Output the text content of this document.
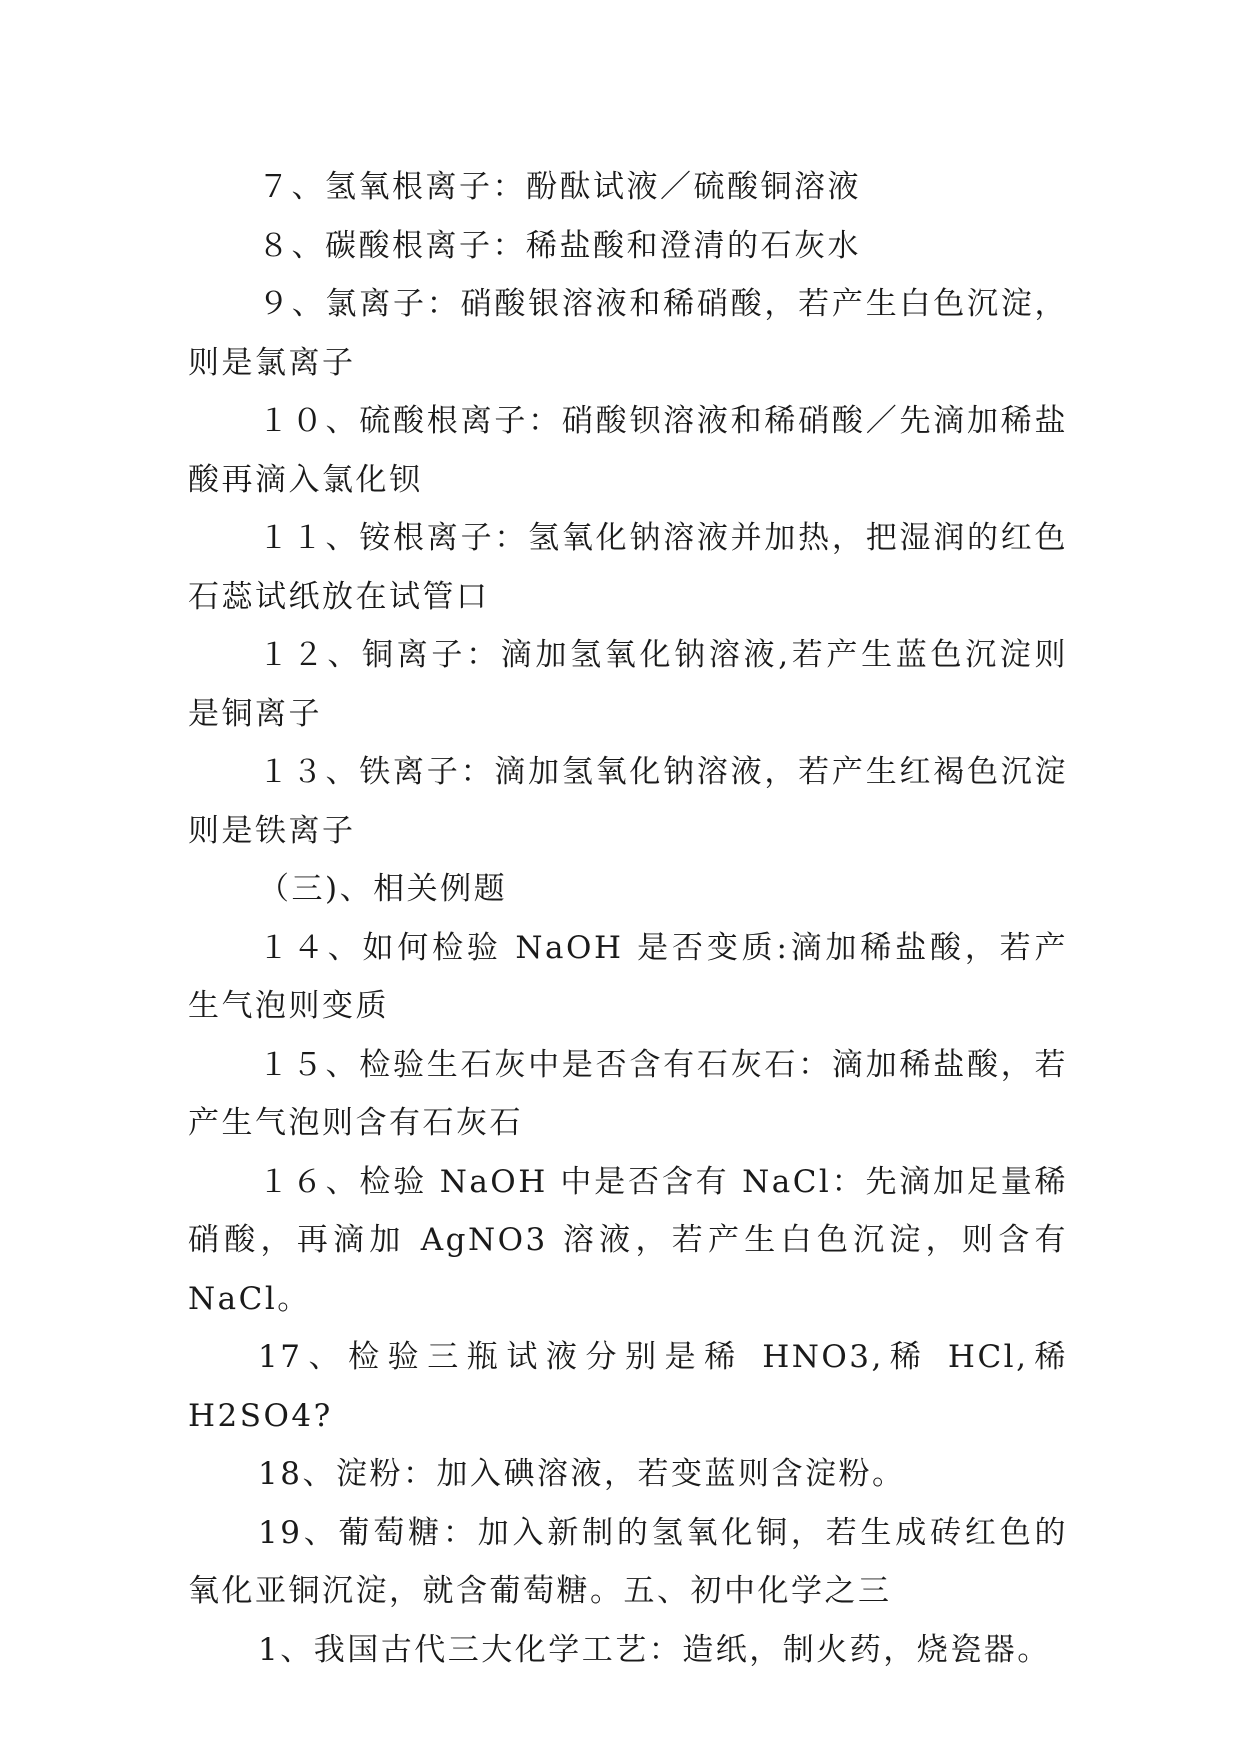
７、氢氧根离子：酚酞试液／硫酸铜溶液

８、碳酸根离子：稀盐酸和澄清的石灰水

９、氯离子：硝酸银溶液和稀硝酸，若产生白色沉淀，则是氯离子

１０、硫酸根离子：硝酸钡溶液和稀硝酸／先滴加稀盐酸再滴入氯化钡

１１、铵根离子：氢氧化钠溶液并加热，把湿润的红色石蕊试纸放在试管口

１２、铜离子：滴加氢氧化钠溶液,若产生蓝色沉淀则是铜离子

１３、铁离子：滴加氢氧化钠溶液，若产生红褐色沉淀则是铁离子

（三)、相关例题

１４、如何检验 NaOH 是否变质:滴加稀盐酸，若产生气泡则变质

１５、检验生石灰中是否含有石灰石：滴加稀盐酸，若产生气泡则含有石灰石

１６、检验 NaOH 中是否含有 NaCl：先滴加足量稀硝酸，再滴加 AgNO3 溶液，若产生白色沉淀，则含有 NaCl。

17、检验三瓶试液分别是稀 HNO3,稀 HCl,稀 H2SO4?

18、淀粉：加入碘溶液，若变蓝则含淀粉。

19、葡萄糖：加入新制的氢氧化铜，若生成砖红色的氧化亚铜沉淀，就含葡萄糖。五、初中化学之三

1、我国古代三大化学工艺：造纸，制火药，烧瓷器。
